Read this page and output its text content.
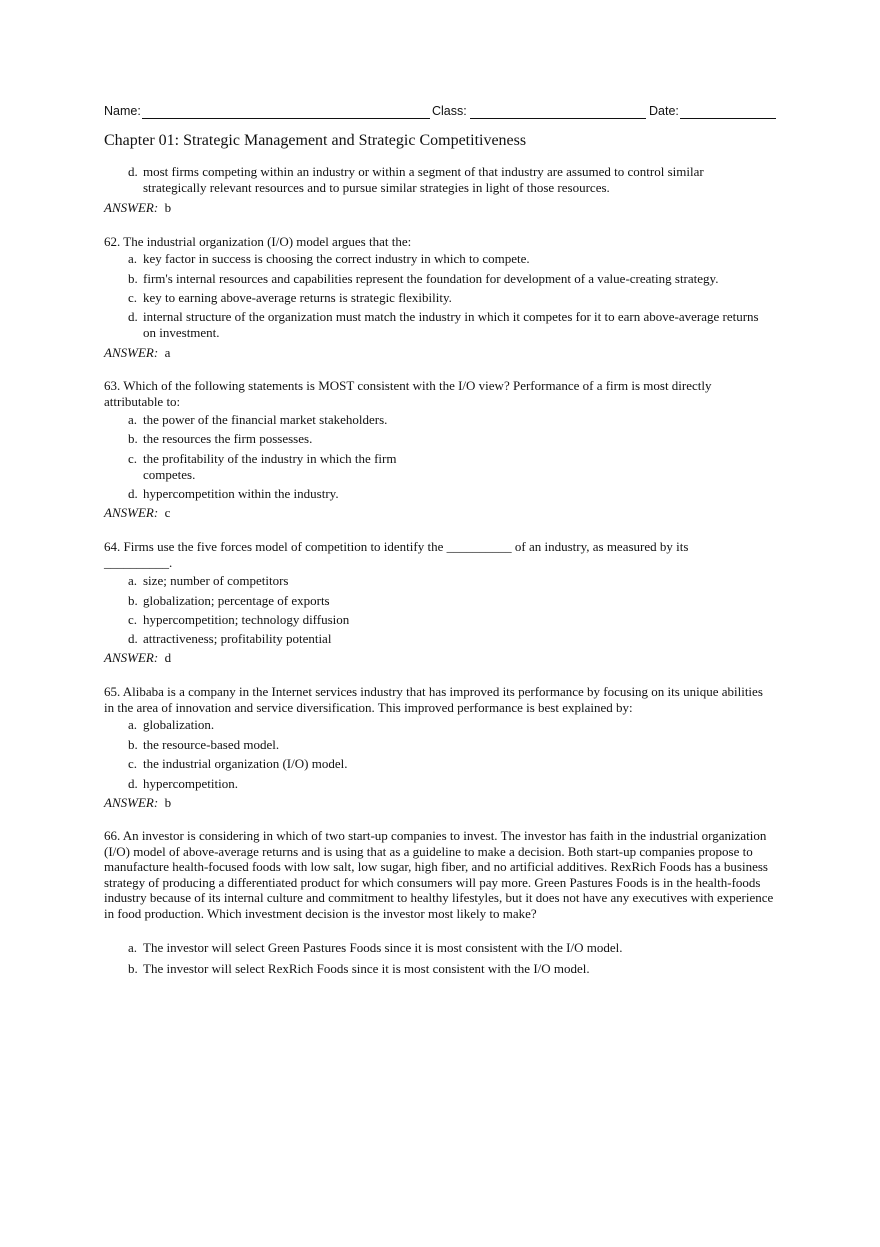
Name:	Class:	Date:
Chapter 01: Strategic Management and Strategic Competitiveness
d. most firms competing within an industry or within a segment of that industry are assumed to control similar strategically relevant resources and to pursue similar strategies in light of those resources.
ANSWER: b
62. The industrial organization (I/O) model argues that the:
a. key factor in success is choosing the correct industry in which to compete.
b. firm's internal resources and capabilities represent the foundation for development of a value-creating strategy.
c. key to earning above-average returns is strategic flexibility.
d. internal structure of the organization must match the industry in which it competes for it to earn above-average returns on investment.
ANSWER: a
63. Which of the following statements is MOST consistent with the I/O view? Performance of a firm is most directly attributable to:
a. the power of the financial market stakeholders.
b. the resources the firm possesses.
c. the profitability of the industry in which the firm competes.
d. hypercompetition within the industry.
ANSWER: c
64. Firms use the five forces model of competition to identify the __________ of an industry, as measured by its __________.
a. size; number of competitors
b. globalization; percentage of exports
c. hypercompetition; technology diffusion
d. attractiveness; profitability potential
ANSWER: d
65. Alibaba is a company in the Internet services industry that has improved its performance by focusing on its unique abilities in the area of innovation and service diversification. This improved performance is best explained by:
a. globalization.
b. the resource-based model.
c. the industrial organization (I/O) model.
d. hypercompetition.
ANSWER: b
66. An investor is considering in which of two start-up companies to invest. The investor has faith in the industrial organization (I/O) model of above-average returns and is using that as a guideline to make a decision. Both start-up companies propose to manufacture health-focused foods with low salt, low sugar, high fiber, and no artificial additives. RexRich Foods has a business strategy of producing a differentiated product for which consumers will pay more. Green Pastures Foods is in the health-foods industry because of its internal culture and commitment to healthy lifestyles, but it does not have any executives with experience in food production. Which investment decision is the investor most likely to make?
a. The investor will select Green Pastures Foods since it is most consistent with the I/O model.
b. The investor will select RexRich Foods since it is most consistent with the I/O model.
